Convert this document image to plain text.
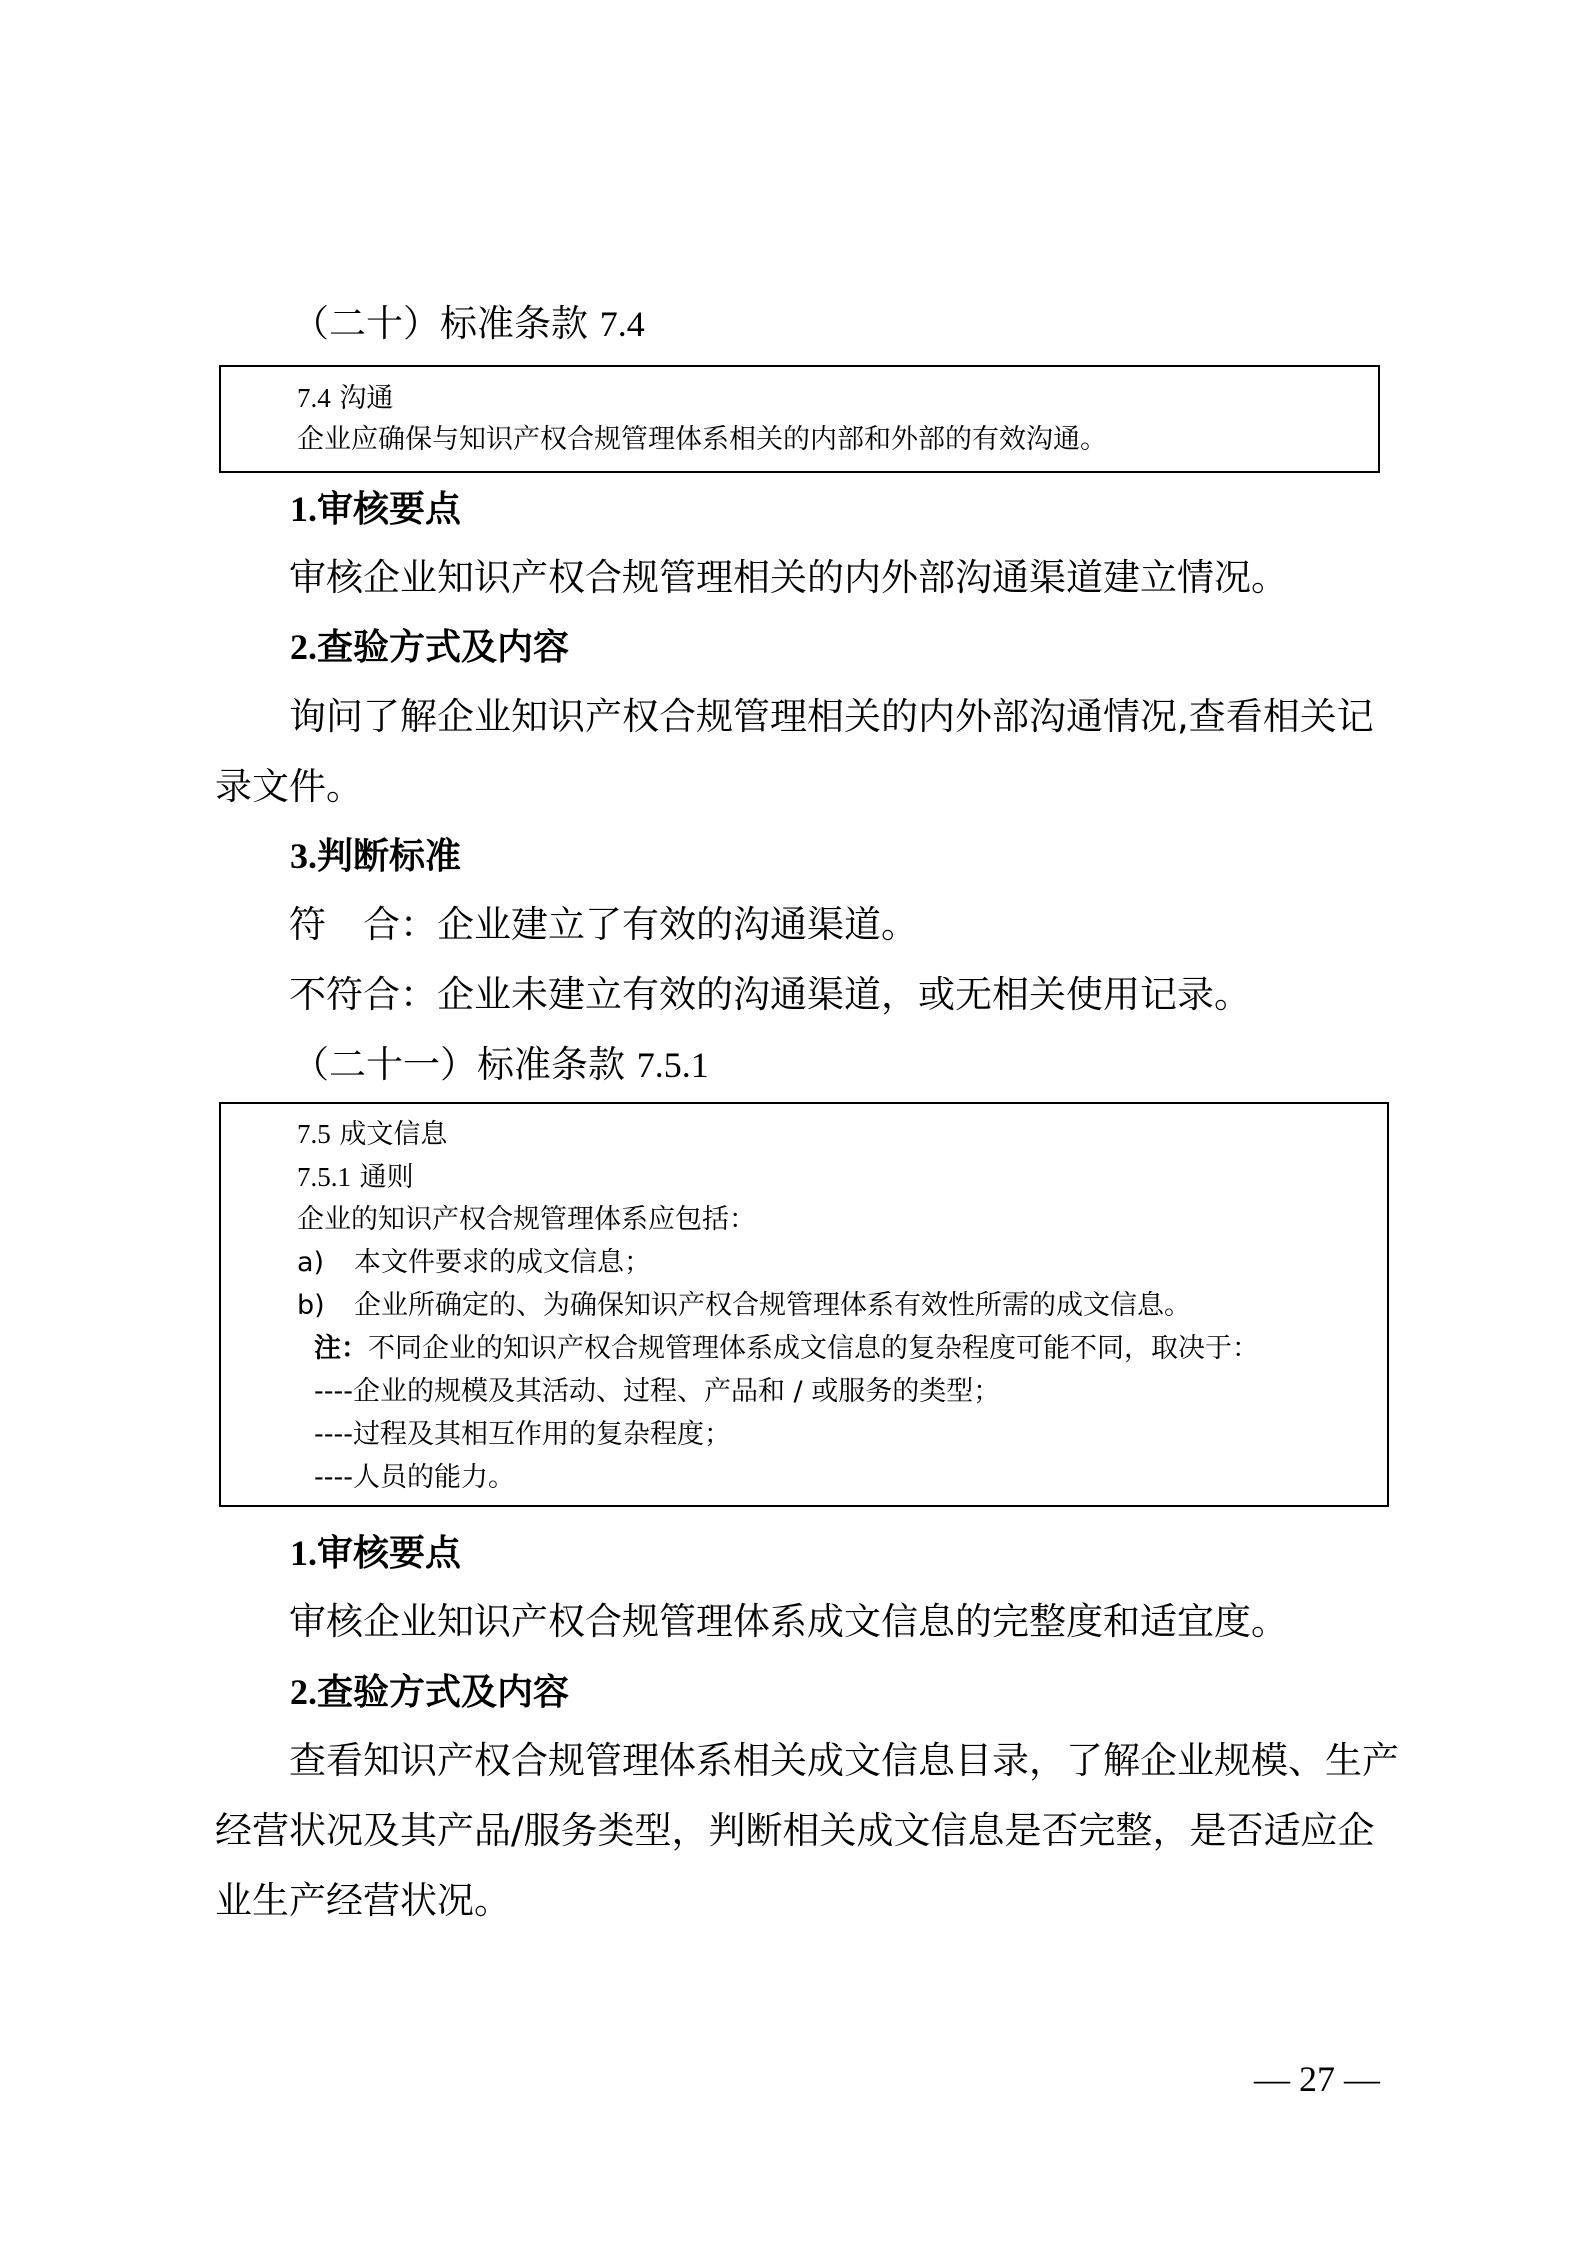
（二十）标准条款 7.4
7.4 沟通
企业应确保与知识产权合规管理体系相关的内部和外部的有效沟通。
1.审核要点
审核企业知识产权合规管理相关的内外部沟通渠道建立情况。
2.查验方式及内容
询问了解企业知识产权合规管理相关的内外部沟通情况,查看相关记
录文件。
3.判断标准
符　合：企业建立了有效的沟通渠道。
不符合：企业未建立有效的沟通渠道，或无相关使用记录。
（二十一）标准条款 7.5.1
7.5 成文信息
7.5.1 通则
企业的知识产权合规管理体系应包括：
a) 本文件要求的成文信息；
b) 企业所确定的、为确保知识产权合规管理体系有效性所需的成文信息。
注：不同企业的知识产权合规管理体系成文信息的复杂程度可能不同，取决于：
----企业的规模及其活动、过程、产品和 / 或服务的类型；
----过程及其相互作用的复杂程度；
----人员的能力。
1.审核要点
审核企业知识产权合规管理体系成文信息的完整度和适宜度。
2.查验方式及内容
查看知识产权合规管理体系相关成文信息目录，了解企业规模、生产
经营状况及其产品/服务类型，判断相关成文信息是否完整，是否适应企
业生产经营状况。
— 27 —
